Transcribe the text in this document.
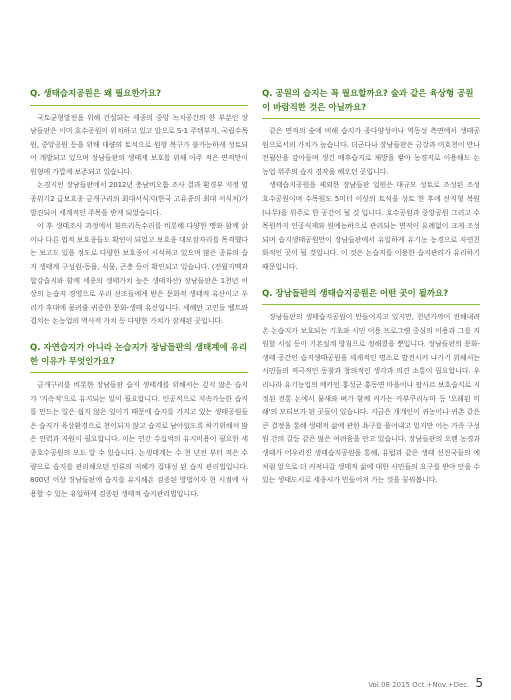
Q. 생태습지공원은 왜 필요한가요?

국토균형발전을 위해 건설되는 세종의 중앙 녹지공간의 한 부분인 장남들판은 이미 호수공원이 위치하고 있고 앞으로 S-1 주택부지, 국립수목원, 중앙공원 등을 위해 대량의 토석으로 원형 복구가 불가능하게 성토되어 개발되고 있으며 장남들판의 생태계 보호를 위해 아주 적은 면적만이 원형에 가깝게 보존되고 있습니다.

논경지인 장남들판에서 2012년 충남비오톱 조사 결과 환경부 지정 멸종위기2 급보호종 금개구리의 최대서식지(한국 고유종의 최대 서식처)가 발견되어 세계적인 주목을 받게 되었습니다.

이 후 생태조사 과정에서 흰뜨리독수리를 비롯해 다양한 맹와 함께 삵이나 다른 법적 보호종들도 확인이 되었고 보호종 대모잠자리를 목격했다는 보고도 있을 정도로 다양한 보호종이 서식하고 있으며 많은 종류의 습지 생태계 구성원-동물, 식물, 곤충 등이 확인되고 있습니다. (전월지맥과 합강습지와 함께 세종의 생태가치 높은 생태자산) 장남들판은 1천년 이상의 논습지 경영으로 우리 선조들에게 받은 문화적 생태적 유산이고 우리가 후대에 물려줄 귀중한 문화-생태 유산입니다. 세해안 고인돌 벨트와 겹치는 논농업의 역사적 가치 등 다양한 가치가 잠재된 곳입니다.

Q. 자연습지가 아니라 논습지가 장남들판의 생태계에 유리한 이유가 무엇인가요?

금개구리를 비롯한 장남들판 습지 생태계를 위해서는 깊지 않은 습지가 '지속적'으로 유지되는 일이 필요합니다. 인공적으로 지속가능한 습지를 만드는 일은 쉽지 않은 일이기 때문에 습지를 가지고 있는 생태공원들은 습지가 육상환경으로 천이되지 않고 습지로 남아있도록 하기위해서 많은 인력과 자원이 필요합니다. 이는 연간 수십억의 유지비용이 필요한 세종호수공원의 모도 알 수 있습니다. 논생태계는 수 천 년전 부터 적은 수량으로 습지를 관리해오던 인류의 지혜가 집대성 된 습지 관리법입니다. 800년 이상 장남들판에 습지를 유지해온 검증된 방법이자 현 시점에 사용할 수 있는 유일하게 검증된 생태적 습지관리법입니다.

Q. 공원의 습지는 꼭 필요할까요? 숲과 같은 육상형 공원이 바람직한 것은 아닐까요?

같은 면적의 숲에 비해 습지가 종다양성이나 역동성 측면에서 생태공원으로서의 가치가 높습니다. 더군다나 장남들판은 금강과 미호천이 만나 전월산을 감아돌며 생긴 배후습지로 채방을 쌓아 농경지로 이용해도 논 농업 위주의 습지 경작을 해오던 곳입니다.

생태습지공원을 제외한 장남들판 일원은 대규모 성토로 조성된 조성 호수공원이며 수목원도 5미터 이상의 토석을 성토 한 후에 산지형 복원(나무)을 위주로 한 공간이 될 것 입니다. 호수공원과 중앙공원 그리고 수목원까지 인공식재와 원예농하으로 관리되는 면적이 유례없이 크게 조성되며 습지생태공원만이 장남들판에서 유일하게 유기농 농경으로 자연친화적인 곳이 될 것입니다. 이 것은 논습지를 이용한 습지관리가 유리하기 때문입니다.

Q. 장남들판의 생태습지공원은 어떤 곳이 될까요?

장남들판의 생태습지공원이 만들어지고 있지만, 천년가까이 전해내려온 논습지가 보호되는 기초와 시민 이용 프로그램 중심의 이용과 그를 지원할 시설 등이 기본설계 방침으로 정해졌을 뿐입니다. 장남들판의 문화-생태 공간인 습지생태공원을 세계적인 명소로 발전시켜 나가기 위해서는 시민들의 적극적인 동참과 창의적인 생각과 의견 소통이 필요합니다. 우리나라 유기농업의 메카인 홍성군 홍동면 마을이나 팝사르 보호습지로 지정된 전통 논에서 물새와 벼가 함께 커가는 카부쿠리누마 등 '오래된 미래'의 모티브가 된 곳들이 있습니다. 지금은 개개인이 귀농이나 귀촌 같은 큰 결정을 통해 생태적 삶에 관한 욕구를 풀어내고 있지만 이는 가족 구성원 간의 갈등 같은 많은 어려움을 안고 있습니다. 장남들판의 오랜 농경과 생태가 어우러진 생태습지공원을 통해, 유럽과 같은 생태 선진국들의 예처럼 앞으로 더 커져나갈 생태적 삶에 대한 시민들의 요구를 받아 안을 수 있는 생태도시로 세종시가 만들어져 가는 것을 꿈꿔봅니다.

Vol.08 2015 Oct.+Nov.+Dec. 5
